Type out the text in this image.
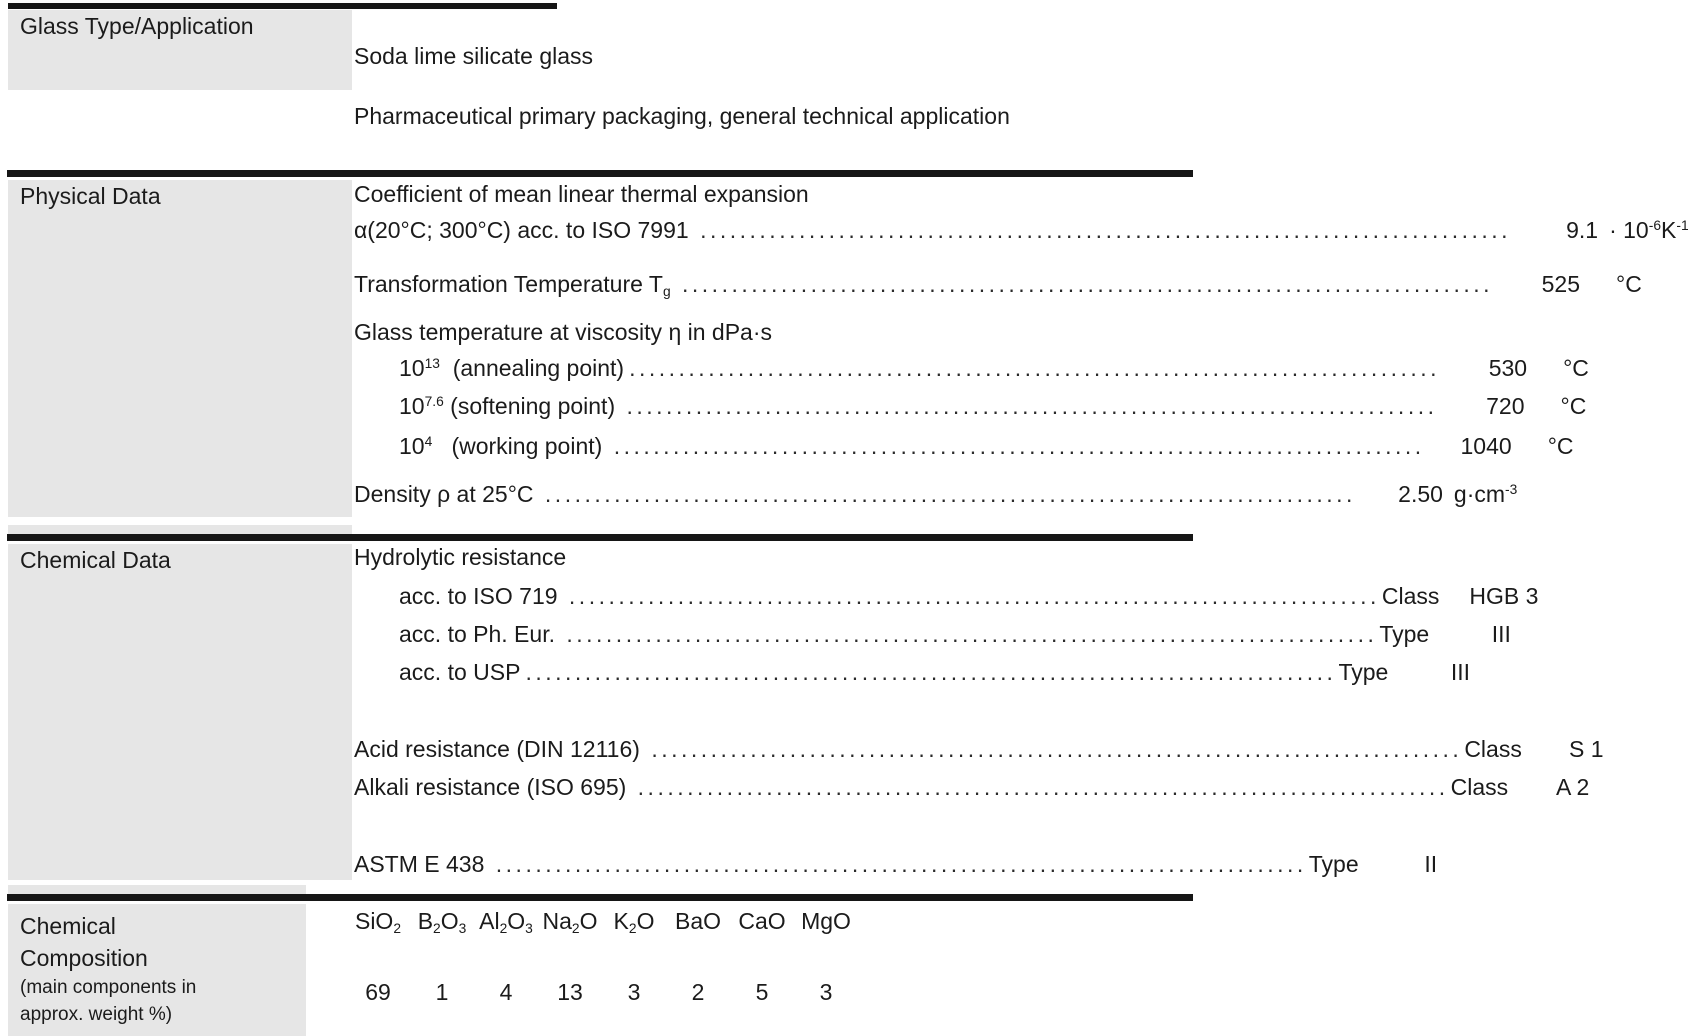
Glass Type/Application

Soda lime silicate glass

Pharmaceutical primary packaging, general technical application

Physical Data	Coefficient of mean linear thermal expansion
α(20°C; 300°C) acc. to ISO 7991 .....	$9.1 \cdot 10^{-6}K^{-1}$
Transformation Temperature $T_g$ .....	525	°C
Glass temperature at viscosity η in dPa·s
$10^{13}$  (annealing point) .....	530	°C
$10^{7.6}$ (softening point) .....	720	°C
$10^4$   (working point) .....	1040	°C
Density ρ at 25°C .....	2.50 $g\cdot cm^{-3}$
Chemical Data	Hydrolytic resistance
acc. to ISO 719 .....	Class	HGB 3
acc. to Ph. Eur. .....	Type	III
acc. to USP .....	Type	III
Acid resistance (DIN 12116) .....	Class	S 1
Alkali resistance (ISO 695) .....	Class	A 2
ASTM E 438 .....	Type	II
Chemical
Composition
(main components in
approx. weight %)
SiO$_2$ $B_2O_3$ $Al_2O_3$ $Na_2O$ $K_2O$ BaO CaO MgO
69	1	4	13	3	2	5	3
